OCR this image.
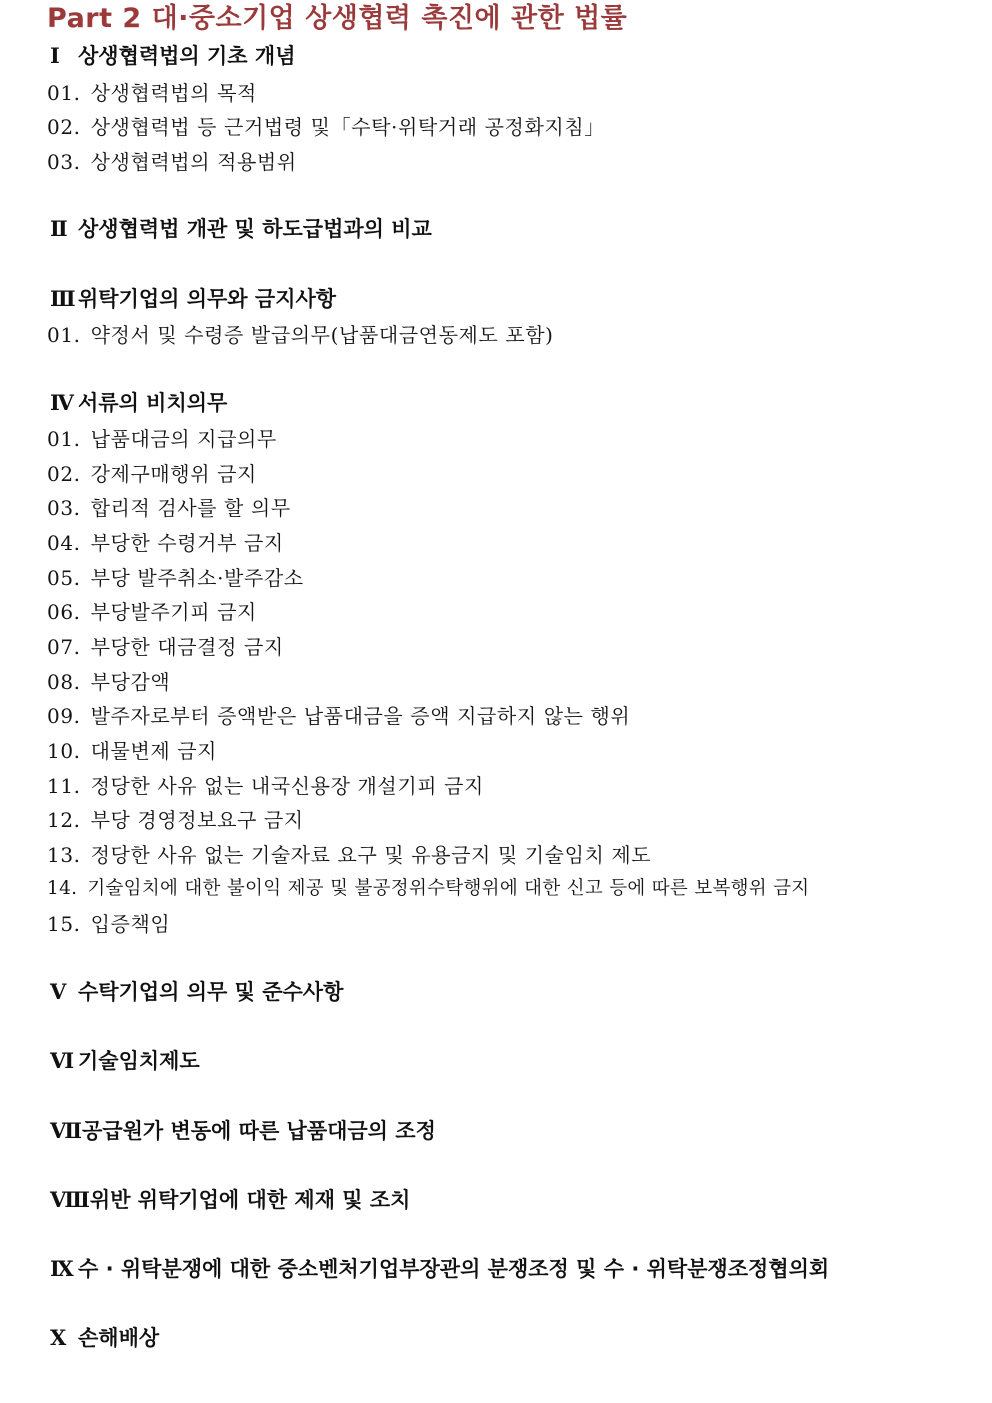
Part 2 대·중소기업 상생협력 촉진에 관한 법률
Ⅰ 상생협력법의 기초 개념
01. 상생협력법의 목적
02. 상생협력법 등 근거법령 및「수탁·위탁거래 공정화지침」
03. 상생협력법의 적용범위
Ⅱ 상생협력법 개관 및 하도급법과의 비교
Ⅲ 위탁기업의 의무와 금지사항
01. 약정서 및 수령증 발급의무(납품대금연동제도 포함)
Ⅳ 서류의 비치의무
01. 납품대금의 지급의무
02. 강제구매행위 금지
03. 합리적 검사를 할 의무
04. 부당한 수령거부 금지
05. 부당 발주취소·발주감소
06. 부당발주기피 금지
07. 부당한 대금결정 금지
08. 부당감액
09. 발주자로부터 증액받은 납품대금을 증액 지급하지 않는 행위
10. 대물변제 금지
11. 정당한 사유 없는 내국신용장 개설기피 금지
12. 부당 경영정보요구 금지
13. 정당한 사유 없는 기술자료 요구 및 유용금지 및 기술임치 제도
14. 기술임치에 대한 불이익 제공 및 불공정위수탁행위에 대한 신고 등에 따른 보복행위 금지
15. 입증책임
Ⅴ 수탁기업의 의무 및 준수사항
Ⅵ 기술임치제도
Ⅶ공급원가 변동에 따른 납품대금의 조정
Ⅷ위반 위탁기업에 대한 제재 및 조치
Ⅸ 수 · 위탁분쟁에 대한 중소벤처기업부장관의 분쟁조정 및 수 · 위탁분쟁조정협의회
Ⅹ 손해배상
